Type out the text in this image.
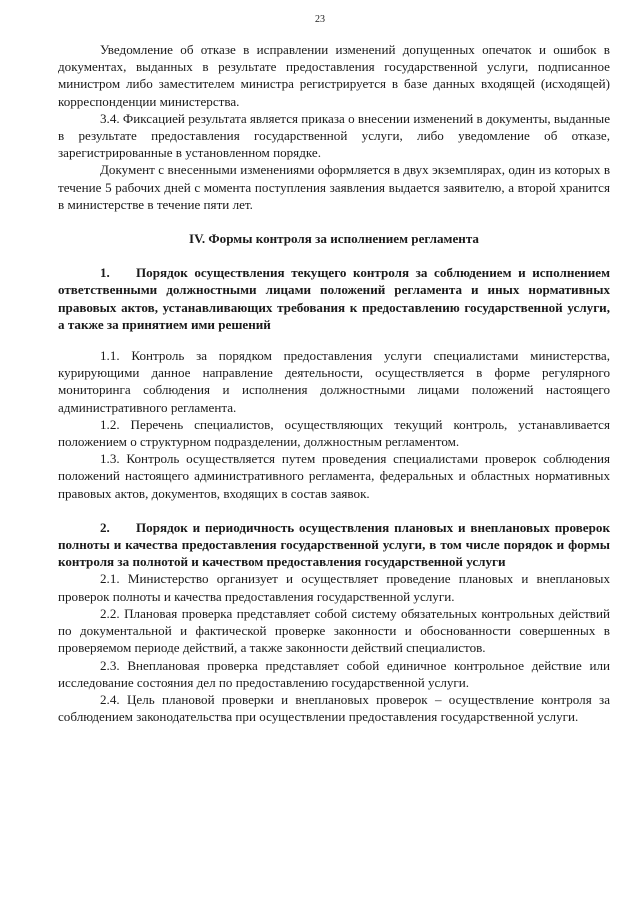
23

Уведомление об отказе в исправлении изменений допущенных опечаток и ошибок в документах, выданных в результате предоставления государственной услуги, подписанное министром либо заместителем министра регистрируется в базе данных входящей (исходящей) корреспонденции министерства.

3.4. Фиксацией результата является приказа о внесении изменений в документы, выданные в результате предоставления государственной услуги, либо уведомление об отказе, зарегистрированные в установленном порядке.

Документ с внесенными изменениями оформляется в двух экземплярах, один из которых в течение 5 рабочих дней с момента поступления заявления выдается заявителю, а второй хранится в министерстве в течение пяти лет.

IV. Формы контроля за исполнением регламента

1. Порядок осуществления текущего контроля за соблюдением и исполнением ответственными должностными лицами положений регламента и иных нормативных правовых актов, устанавливающих требования к предоставлению государственной услуги, а также за принятием ими решений

1.1. Контроль за порядком предоставления услуги специалистами министерства, курирующими данное направление деятельности, осуществляется в форме регулярного мониторинга соблюдения и исполнения должностными лицами положений настоящего административного регламента.

1.2. Перечень специалистов, осуществляющих текущий контроль, устанавливается положением о структурном подразделении, должностным регламентом.

1.3. Контроль осуществляется путем проведения специалистами проверок соблюдения положений настоящего административного регламента, федеральных и областных нормативных правовых актов, документов, входящих в состав заявок.

2. Порядок и периодичность осуществления плановых и внеплановых проверок полноты и качества предоставления государственной услуги, в том числе порядок и формы контроля за полнотой и качеством предоставления государственной услуги

2.1. Министерство организует и осуществляет проведение плановых и внеплановых проверок полноты и качества предоставления государственной услуги.

2.2. Плановая проверка представляет собой систему обязательных контрольных действий по документальной и фактической проверке законности и обоснованности совершенных в проверяемом периоде действий, а также законности действий специалистов.

2.3. Внеплановая проверка представляет собой единичное контрольное действие или исследование состояния дел по предоставлению государственной услуги.

2.4. Цель плановой проверки и внеплановых проверок – осуществление контроля за соблюдением законодательства при осуществлении предоставления государственной услуги.
